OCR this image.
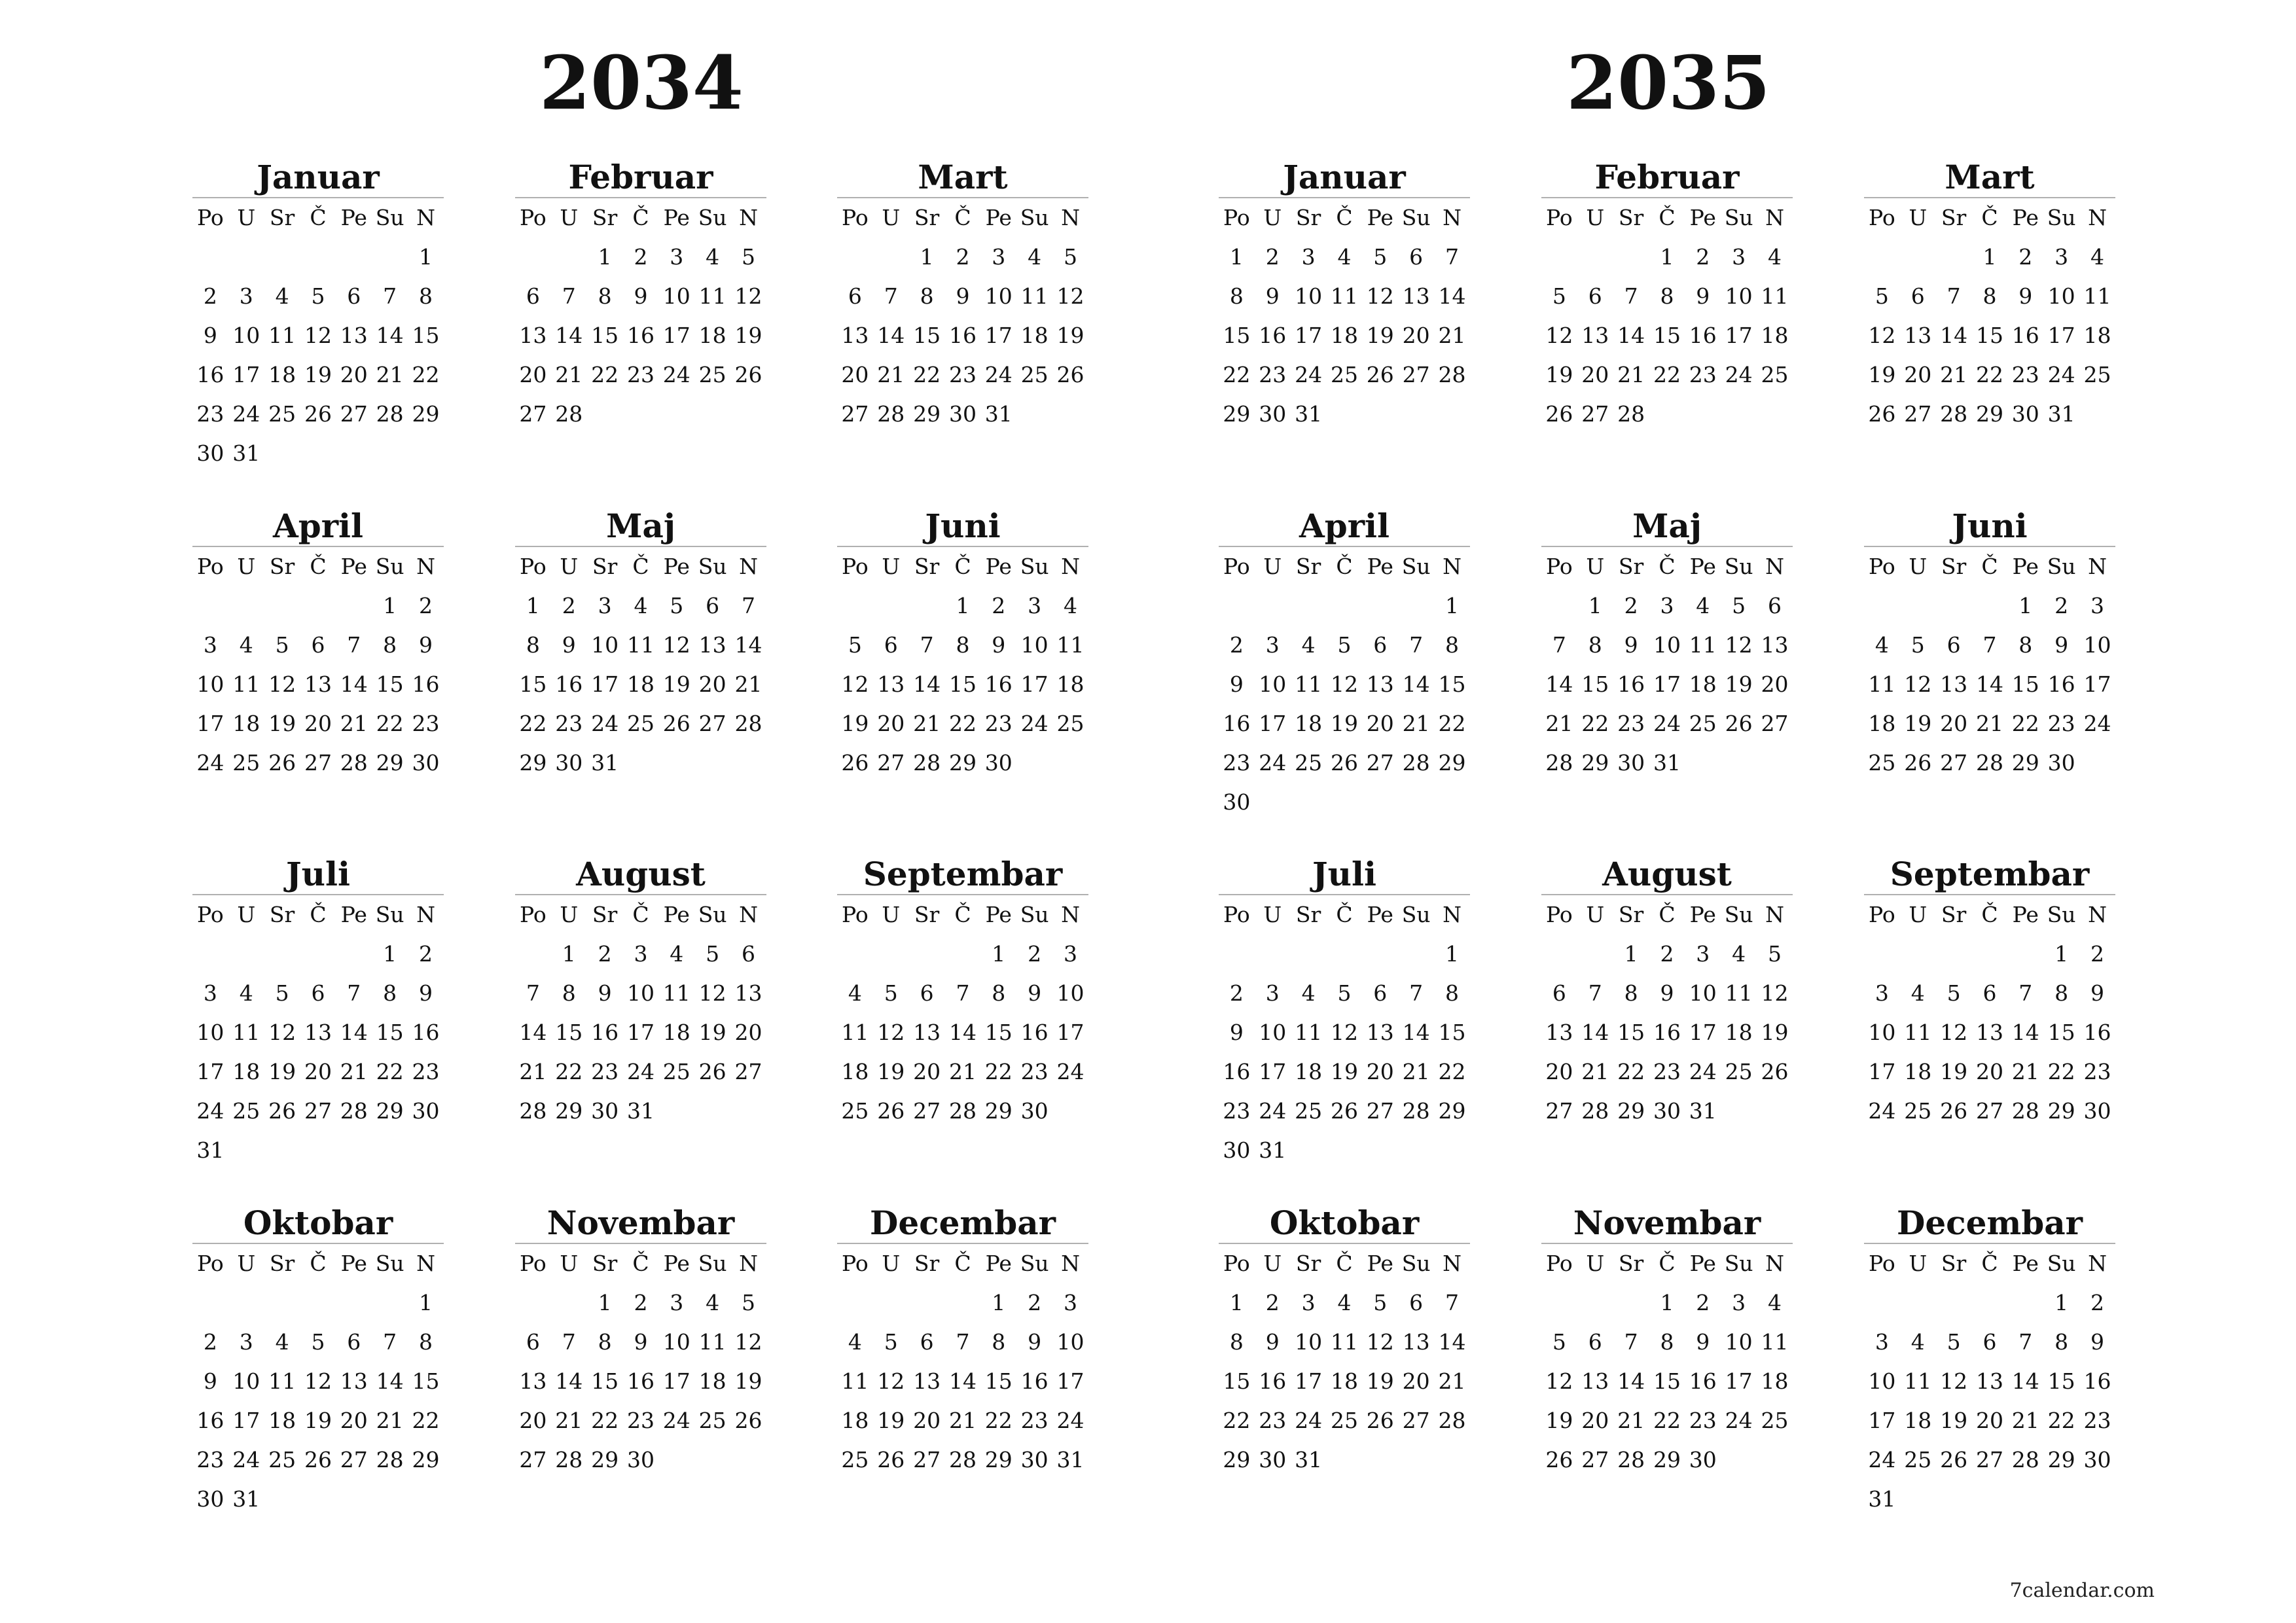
2034
Januar
Po	U	Sr	Č	Pe	Su	N
						1
2	3	4	5	6	7	8
9	10	11	12	13	14	15
16	17	18	19	20	21	22
23	24	25	26	27	28	29
30	31					
Februar
Po	U	Sr	Č	Pe	Su	N
		1	2	3	4	5
6	7	8	9	10	11	12
13	14	15	16	17	18	19
20	21	22	23	24	25	26
27	28					
Mart
Po	U	Sr	Č	Pe	Su	N
		1	2	3	4	5
6	7	8	9	10	11	12
13	14	15	16	17	18	19
20	21	22	23	24	25	26
27	28	29	30	31		
April
Po	U	Sr	Č	Pe	Su	N
					1	2
3	4	5	6	7	8	9
10	11	12	13	14	15	16
17	18	19	20	21	22	23
24	25	26	27	28	29	30
Maj
Po	U	Sr	Č	Pe	Su	N
1	2	3	4	5	6	7
8	9	10	11	12	13	14
15	16	17	18	19	20	21
22	23	24	25	26	27	28
29	30	31				
Juni
Po	U	Sr	Č	Pe	Su	N
			1	2	3	4
5	6	7	8	9	10	11
12	13	14	15	16	17	18
19	20	21	22	23	24	25
26	27	28	29	30		
Juli
Po	U	Sr	Č	Pe	Su	N
					1	2
3	4	5	6	7	8	9
10	11	12	13	14	15	16
17	18	19	20	21	22	23
24	25	26	27	28	29	30
31						
August
Po	U	Sr	Č	Pe	Su	N
	1	2	3	4	5	6
7	8	9	10	11	12	13
14	15	16	17	18	19	20
21	22	23	24	25	26	27
28	29	30	31			
Septembar
Po	U	Sr	Č	Pe	Su	N
				1	2	3
4	5	6	7	8	9	10
11	12	13	14	15	16	17
18	19	20	21	22	23	24
25	26	27	28	29	30	
Oktobar
Po	U	Sr	Č	Pe	Su	N
						1
2	3	4	5	6	7	8
9	10	11	12	13	14	15
16	17	18	19	20	21	22
23	24	25	26	27	28	29
30	31					
Novembar
Po	U	Sr	Č	Pe	Su	N
		1	2	3	4	5
6	7	8	9	10	11	12
13	14	15	16	17	18	19
20	21	22	23	24	25	26
27	28	29	30			
Decembar
Po	U	Sr	Č	Pe	Su	N
				1	2	3
4	5	6	7	8	9	10
11	12	13	14	15	16	17
18	19	20	21	22	23	24
25	26	27	28	29	30	31
2035
Januar
Po	U	Sr	Č	Pe	Su	N
1	2	3	4	5	6	7
8	9	10	11	12	13	14
15	16	17	18	19	20	21
22	23	24	25	26	27	28
29	30	31				
Februar
Po	U	Sr	Č	Pe	Su	N
			1	2	3	4
5	6	7	8	9	10	11
12	13	14	15	16	17	18
19	20	21	22	23	24	25
26	27	28				
Mart
Po	U	Sr	Č	Pe	Su	N
			1	2	3	4
5	6	7	8	9	10	11
12	13	14	15	16	17	18
19	20	21	22	23	24	25
26	27	28	29	30	31	
April
Po	U	Sr	Č	Pe	Su	N
						1
2	3	4	5	6	7	8
9	10	11	12	13	14	15
16	17	18	19	20	21	22
23	24	25	26	27	28	29
30						
Maj
Po	U	Sr	Č	Pe	Su	N
	1	2	3	4	5	6
7	8	9	10	11	12	13
14	15	16	17	18	19	20
21	22	23	24	25	26	27
28	29	30	31			
Juni
Po	U	Sr	Č	Pe	Su	N
				1	2	3
4	5	6	7	8	9	10
11	12	13	14	15	16	17
18	19	20	21	22	23	24
25	26	27	28	29	30	
Juli
Po	U	Sr	Č	Pe	Su	N
						1
2	3	4	5	6	7	8
9	10	11	12	13	14	15
16	17	18	19	20	21	22
23	24	25	26	27	28	29
30	31					
August
Po	U	Sr	Č	Pe	Su	N
		1	2	3	4	5
6	7	8	9	10	11	12
13	14	15	16	17	18	19
20	21	22	23	24	25	26
27	28	29	30	31		
Septembar
Po	U	Sr	Č	Pe	Su	N
					1	2
3	4	5	6	7	8	9
10	11	12	13	14	15	16
17	18	19	20	21	22	23
24	25	26	27	28	29	30
Oktobar
Po	U	Sr	Č	Pe	Su	N
1	2	3	4	5	6	7
8	9	10	11	12	13	14
15	16	17	18	19	20	21
22	23	24	25	26	27	28
29	30	31				
Novembar
Po	U	Sr	Č	Pe	Su	N
			1	2	3	4
5	6	7	8	9	10	11
12	13	14	15	16	17	18
19	20	21	22	23	24	25
26	27	28	29	30		
Decembar
Po	U	Sr	Č	Pe	Su	N
					1	2
3	4	5	6	7	8	9
10	11	12	13	14	15	16
17	18	19	20	21	22	23
24	25	26	27	28	29	30
31						
7calendar.com
